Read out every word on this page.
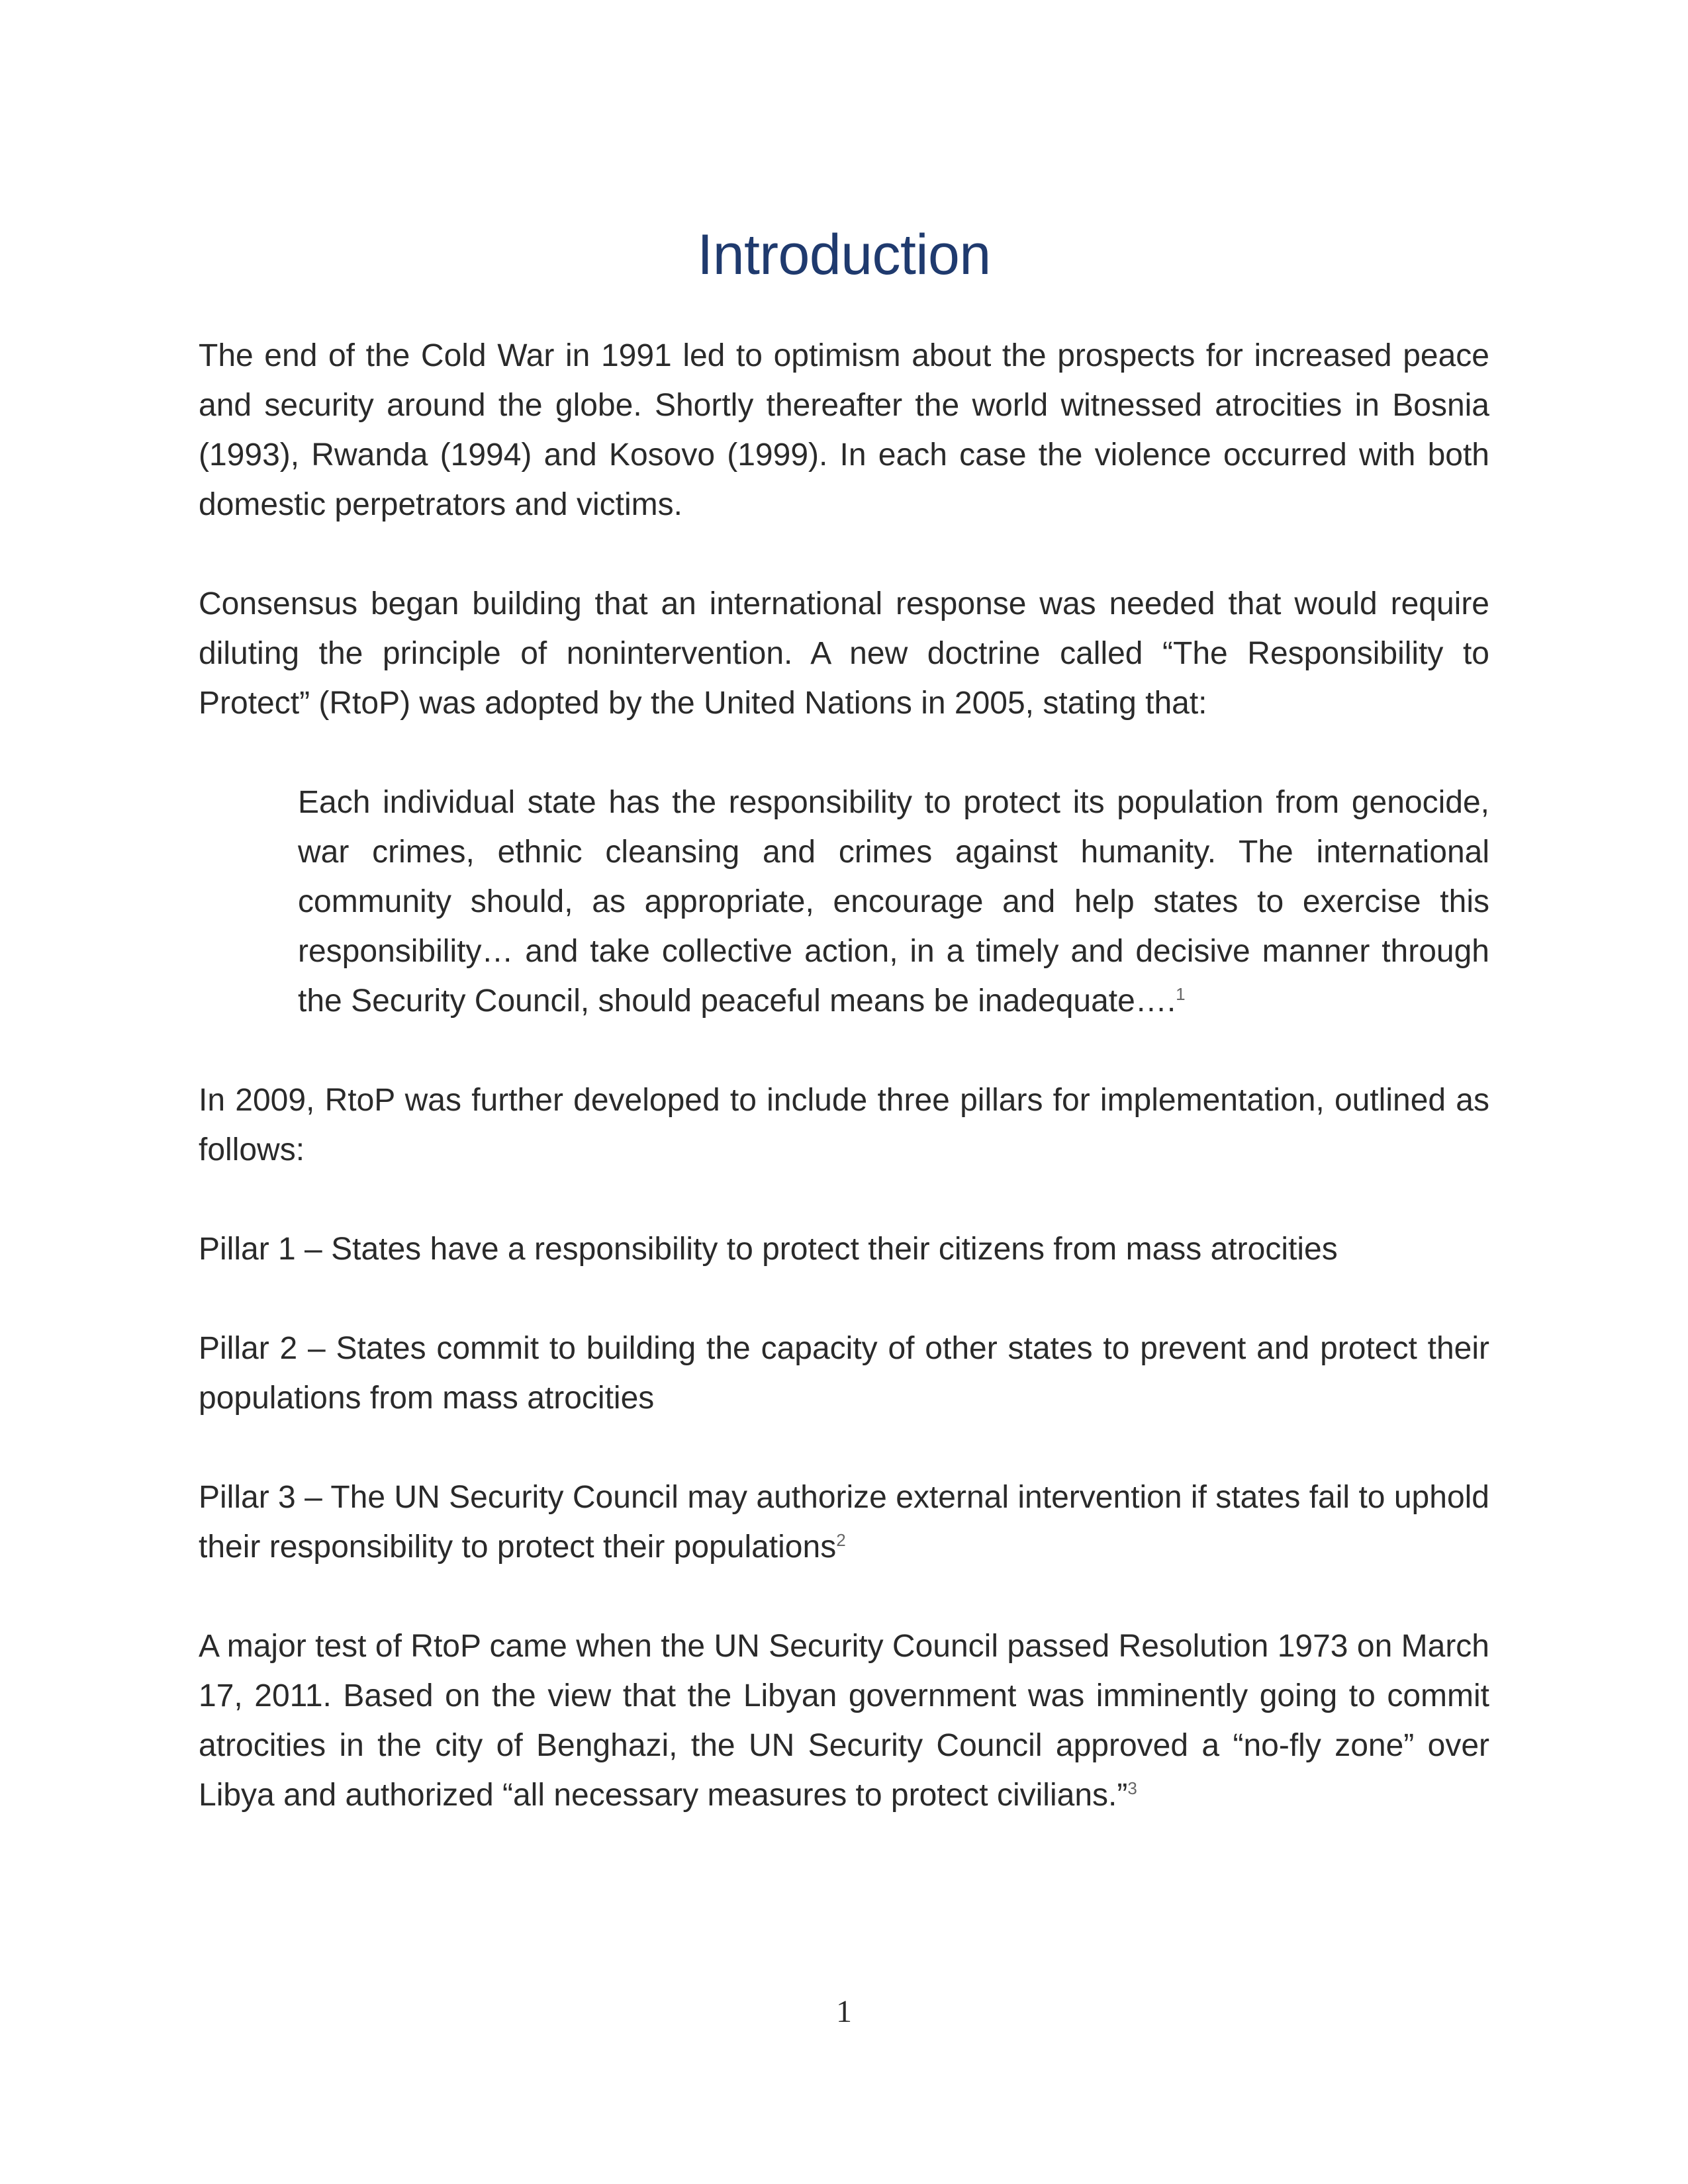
Introduction

The end of the Cold War in 1991 led to optimism about the prospects for increased peace and security around the globe. Shortly thereafter the world witnessed atrocities in Bosnia (1993), Rwanda (1994) and Kosovo (1999). In each case the violence occurred with both domestic perpetrators and victims.

Consensus began building that an international response was needed that would require diluting the principle of nonintervention. A new doctrine called “The Responsibility to Protect” (RtoP) was adopted by the United Nations in 2005, stating that:

Each individual state has the responsibility to protect its population from genocide, war crimes, ethnic cleansing and crimes against humanity. The international community should, as appropriate, encourage and help states to exercise this responsibility… and take collective action, in a timely and decisive manner through the Security Council, should peaceful means be inadequate….$^1$

In 2009, RtoP was further developed to include three pillars for implementation, outlined as follows:

Pillar 1 – States have a responsibility to protect their citizens from mass atrocities

Pillar 2 – States commit to building the capacity of other states to prevent and protect their populations from mass atrocities

Pillar 3 – The UN Security Council may authorize external intervention if states fail to uphold their responsibility to protect their populations$^2$

A major test of RtoP came when the UN Security Council passed Resolution 1973 on March 17, 2011. Based on the view that the Libyan government was imminently going to commit atrocities in the city of Benghazi, the UN Security Council approved a “no-fly zone” over Libya and authorized “all necessary measures to protect civilians.”$^3$

1
